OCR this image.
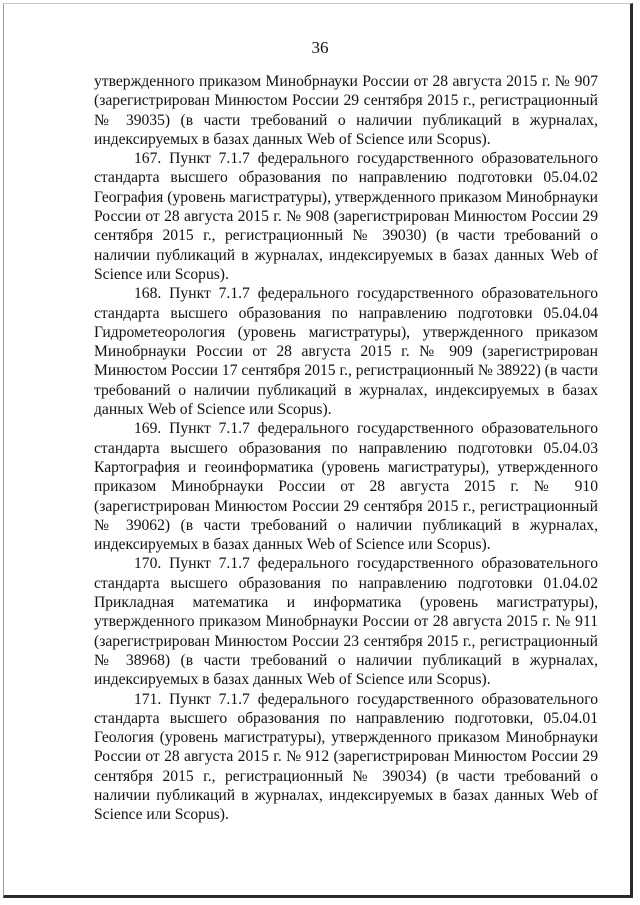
36

утвержденного приказом Минобрнауки России от 28 августа 2015 г. № 907 (зарегистрирован Минюстом России 29 сентября 2015 г., регистрационный № 39035) (в части требований о наличии публикаций в журналах, индексируемых в базах данных Web of Science или Scopus).

167. Пункт 7.1.7 федерального государственного образовательного стандарта высшего образования по направлению подготовки 05.04.02 География (уровень магистратуры), утвержденного приказом Минобрнауки России от 28 августа 2015 г. № 908 (зарегистрирован Минюстом России 29 сентября 2015 г., регистрационный № 39030) (в части требований о наличии публикаций в журналах, индексируемых в базах данных Web of Science или Scopus).

168. Пункт 7.1.7 федерального государственного образовательного стандарта высшего образования по направлению подготовки 05.04.04 Гидрометеорология (уровень магистратуры), утвержденного приказом Минобрнауки России от 28 августа 2015 г. № 909 (зарегистрирован Минюстом России 17 сентября 2015 г., регистрационный № 38922) (в части требований о наличии публикаций в журналах, индексируемых в базах данных Web of Science или Scopus).

169. Пункт 7.1.7 федерального государственного образовательного стандарта высшего образования по направлению подготовки 05.04.03 Картография и геоинформатика (уровень магистратуры), утвержденного приказом Минобрнауки России от 28 августа 2015 г. № 910 (зарегистрирован Минюстом России 29 сентября 2015 г., регистрационный № 39062) (в части требований о наличии публикаций в журналах, индексируемых в базах данных Web of Science или Scopus).

170. Пункт 7.1.7 федерального государственного образовательного стандарта высшего образования по направлению подготовки 01.04.02 Прикладная математика и информатика (уровень магистратуры), утвержденного приказом Минобрнауки России от 28 августа 2015 г. № 911 (зарегистрирован Минюстом России 23 сентября 2015 г., регистрационный № 38968) (в части требований о наличии публикаций в журналах, индексируемых в базах данных Web of Science или Scopus).

171. Пункт 7.1.7 федерального государственного образовательного стандарта высшего образования по направлению подготовки, 05.04.01 Геология (уровень магистратуры), утвержденного приказом Минобрнауки России от 28 августа 2015 г. № 912 (зарегистрирован Минюстом России 29 сентября 2015 г., регистрационный № 39034) (в части требований о наличии публикаций в журналах, индексируемых в базах данных Web of Science или Scopus).
